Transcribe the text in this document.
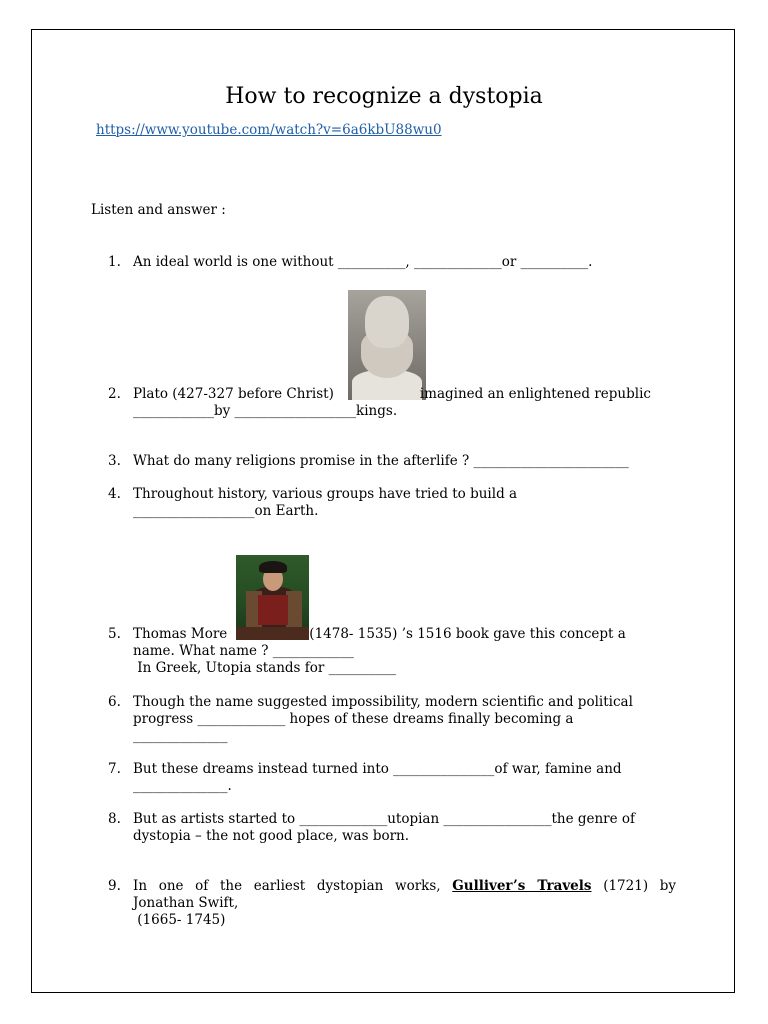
How to recognize a dystopia
https://www.youtube.com/watch?v=6a6kbU88wu0
Listen and answer :
1. An ideal world is one without __________, _____________or __________.
2. Plato (427-327 before Christ)	imagined an enlightened republic
____________by __________________kings.
3. What do many religions promise in the afterlife ? _______________________
4. Throughout history, various groups have tried to build a
__________________on Earth.
5. Thomas More	(1478- 1535) ’s 1516 book gave this concept a
name. What name ? ____________
In Greek, Utopia stands for __________
6. Though the name suggested impossibility, modern scientific and political
progress _____________ hopes of these dreams finally becoming a
______________
7. But these dreams instead turned into _______________of war, famine and
______________.
8. But as artists started to _____________utopian ________________the genre of
dystopia – the not good place, was born.
9. In one of the earliest dystopian works, Gulliver’s Travels (1721) by
Jonathan Swift,
(1665- 1745)
